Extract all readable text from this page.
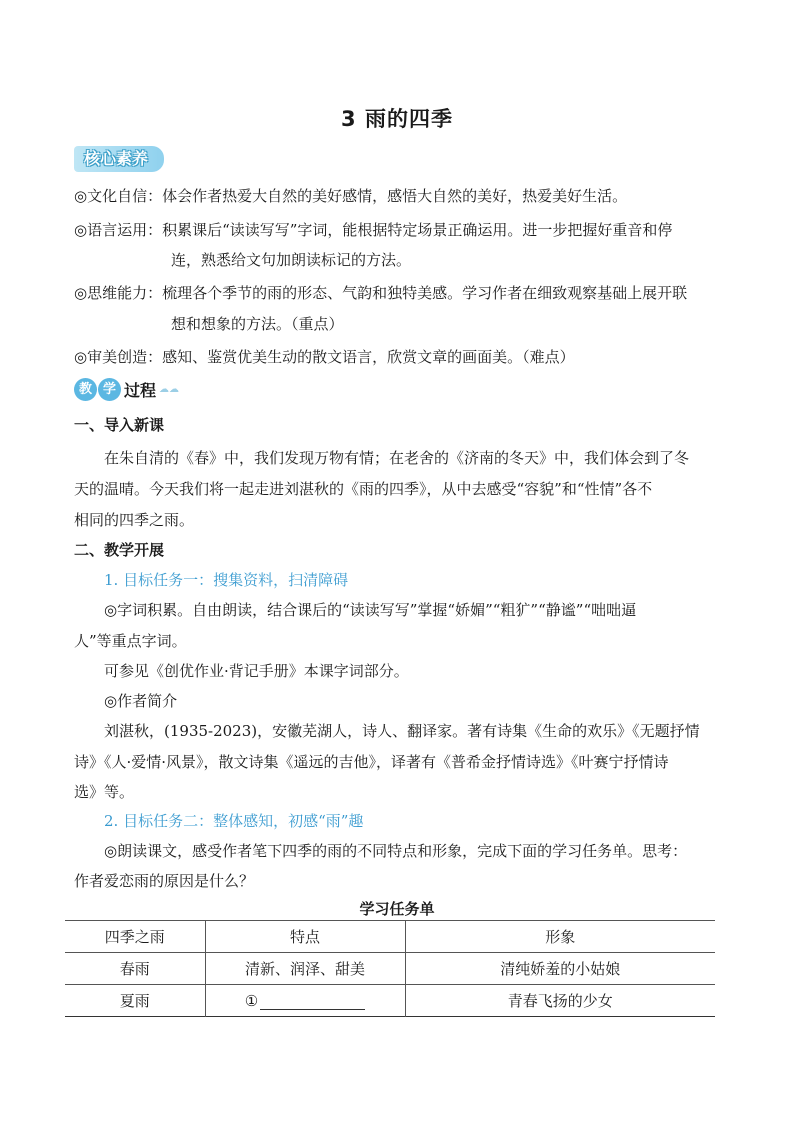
3 雨的四季
核心素养
◎文化自信：体会作者热爱大自然的美好感情，感悟大自然的美好，热爱美好生活。
◎语言运用：积累课后“读读写写”字词，能根据特定场景正确运用。进一步把握好重音和停
连，熟悉给文句加朗读标记的方法。
◎思维能力：梳理各个季节的雨的形态、气韵和独特美感。学习作者在细致观察基础上展开联
想和想象的方法。（重点）
◎审美创造：感知、鉴赏优美生动的散文语言，欣赏文章的画面美。（难点）
教 学 过程 ☁☁
一、导入新课
在朱自清的《春》中，我们发现万物有情；在老舍的《济南的冬天》中，我们体会到了冬
天的温晴。今天我们将一起走进刘湛秋的《雨的四季》，从中去感受“容貌”和“性情”各不
相同的四季之雨。
二、教学开展
1. 目标任务一：搜集资料，扫清障碍
◎字词积累。自由朗读，结合课后的“读读写写”掌握“娇媚”“粗犷”“静谧”“咄咄逼
人”等重点字词。
可参见《创优作业·背记手册》本课字词部分。
◎作者简介
刘湛秋，(1935-2023)，安徽芜湖人，诗人、翻译家。著有诗集《生命的欢乐》《无题抒情
诗》《人·爱情·风景》，散文诗集《遥远的吉他》，译著有《普希金抒情诗选》《叶赛宁抒情诗
选》等。
2. 目标任务二：整体感知，初感“雨”趣
◎朗读课文，感受作者笔下四季的雨的不同特点和形象，完成下面的学习任务单。思考：
作者爱恋雨的原因是什么？
学习任务单
四季之雨	特点	形象
春雨	清新、润泽、甜美	清纯娇羞的小姑娘
夏雨	①	青春飞扬的少女
